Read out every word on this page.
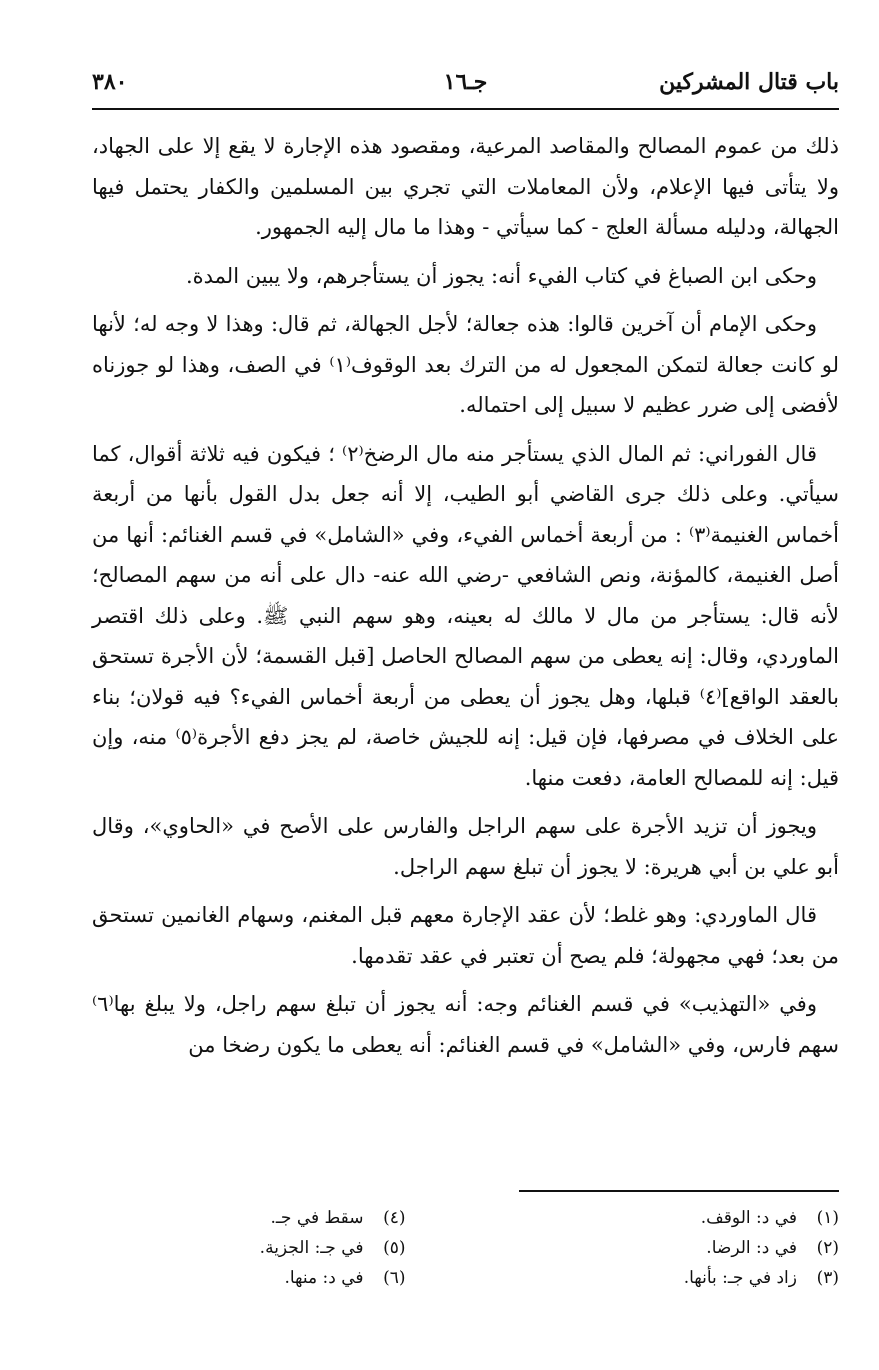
باب قتال المشركين
جـ١٦
٣٨٠

ذلك من عموم المصالح والمقاصد المرعية، ومقصود هذه الإجارة لا يقع إلا على الجهاد، ولا يتأتى فيها الإعلام، ولأن المعاملات التي تجري بين المسلمين والكفار يحتمل فيها الجهالة، ودليله مسألة العلج - كما سيأتي - وهذا ما مال إليه الجمهور.

وحكى ابن الصباغ في كتاب الفيء أنه: يجوز أن يستأجرهم، ولا يبين المدة.

وحكى الإمام أن آخرين قالوا: هذه جعالة؛ لأجل الجهالة، ثم قال: وهذا لا وجه له؛ لأنها لو كانت جعالة لتمكن المجعول له من الترك بعد الوقوف⁽١⁾ في الصف، وهذا لو جوزناه لأفضى إلى ضرر عظيم لا سبيل إلى احتماله.

قال الفوراني: ثم المال الذي يستأجر منه مال الرضخ⁽٢⁾ ؛ فيكون فيه ثلاثة أقوال، كما سيأتي. وعلى ذلك جرى القاضي أبو الطيب، إلا أنه جعل بدل القول بأنها من أربعة أخماس الغنيمة⁽٣⁾ : من أربعة أخماس الفيء، وفي «الشامل» في قسم الغنائم: أنها من أصل الغنيمة، كالمؤنة، ونص الشافعي -رضي الله عنه- دال على أنه من سهم المصالح؛ لأنه قال: يستأجر من مال لا مالك له بعينه، وهو سهم النبي ﷺ. وعلى ذلك اقتصر الماوردي، وقال: إنه يعطى من سهم المصالح الحاصل [قبل القسمة؛ لأن الأجرة تستحق بالعقد الواقع]⁽٤⁾ قبلها، وهل يجوز أن يعطى من أربعة أخماس الفيء؟ فيه قولان؛ بناء على الخلاف في مصرفها، فإن قيل: إنه للجيش خاصة، لم يجز دفع الأجرة⁽٥⁾ منه، وإن قيل: إنه للمصالح العامة، دفعت منها.

ويجوز أن تزيد الأجرة على سهم الراجل والفارس على الأصح في «الحاوي»، وقال أبو علي بن أبي هريرة: لا يجوز أن تبلغ سهم الراجل.

قال الماوردي: وهو غلط؛ لأن عقد الإجارة معهم قبل المغنم، وسهام الغانمين تستحق من بعد؛ فهي مجهولة؛ فلم يصح أن تعتبر في عقد تقدمها.

وفي «التهذيب» في قسم الغنائم وجه: أنه يجوز أن تبلغ سهم راجل، ولا يبلغ بها⁽٦⁾ سهم فارس، وفي «الشامل» في قسم الغنائم: أنه يعطى ما يكون رضخا من

(١)
في د: الوقف.
(٢)
في د: الرضا.
(٣)
زاد في جـ: بأنها.
(٤)
سقط في جـ.
(٥)
في جـ: الجزية.
(٦)
في د: منها.
